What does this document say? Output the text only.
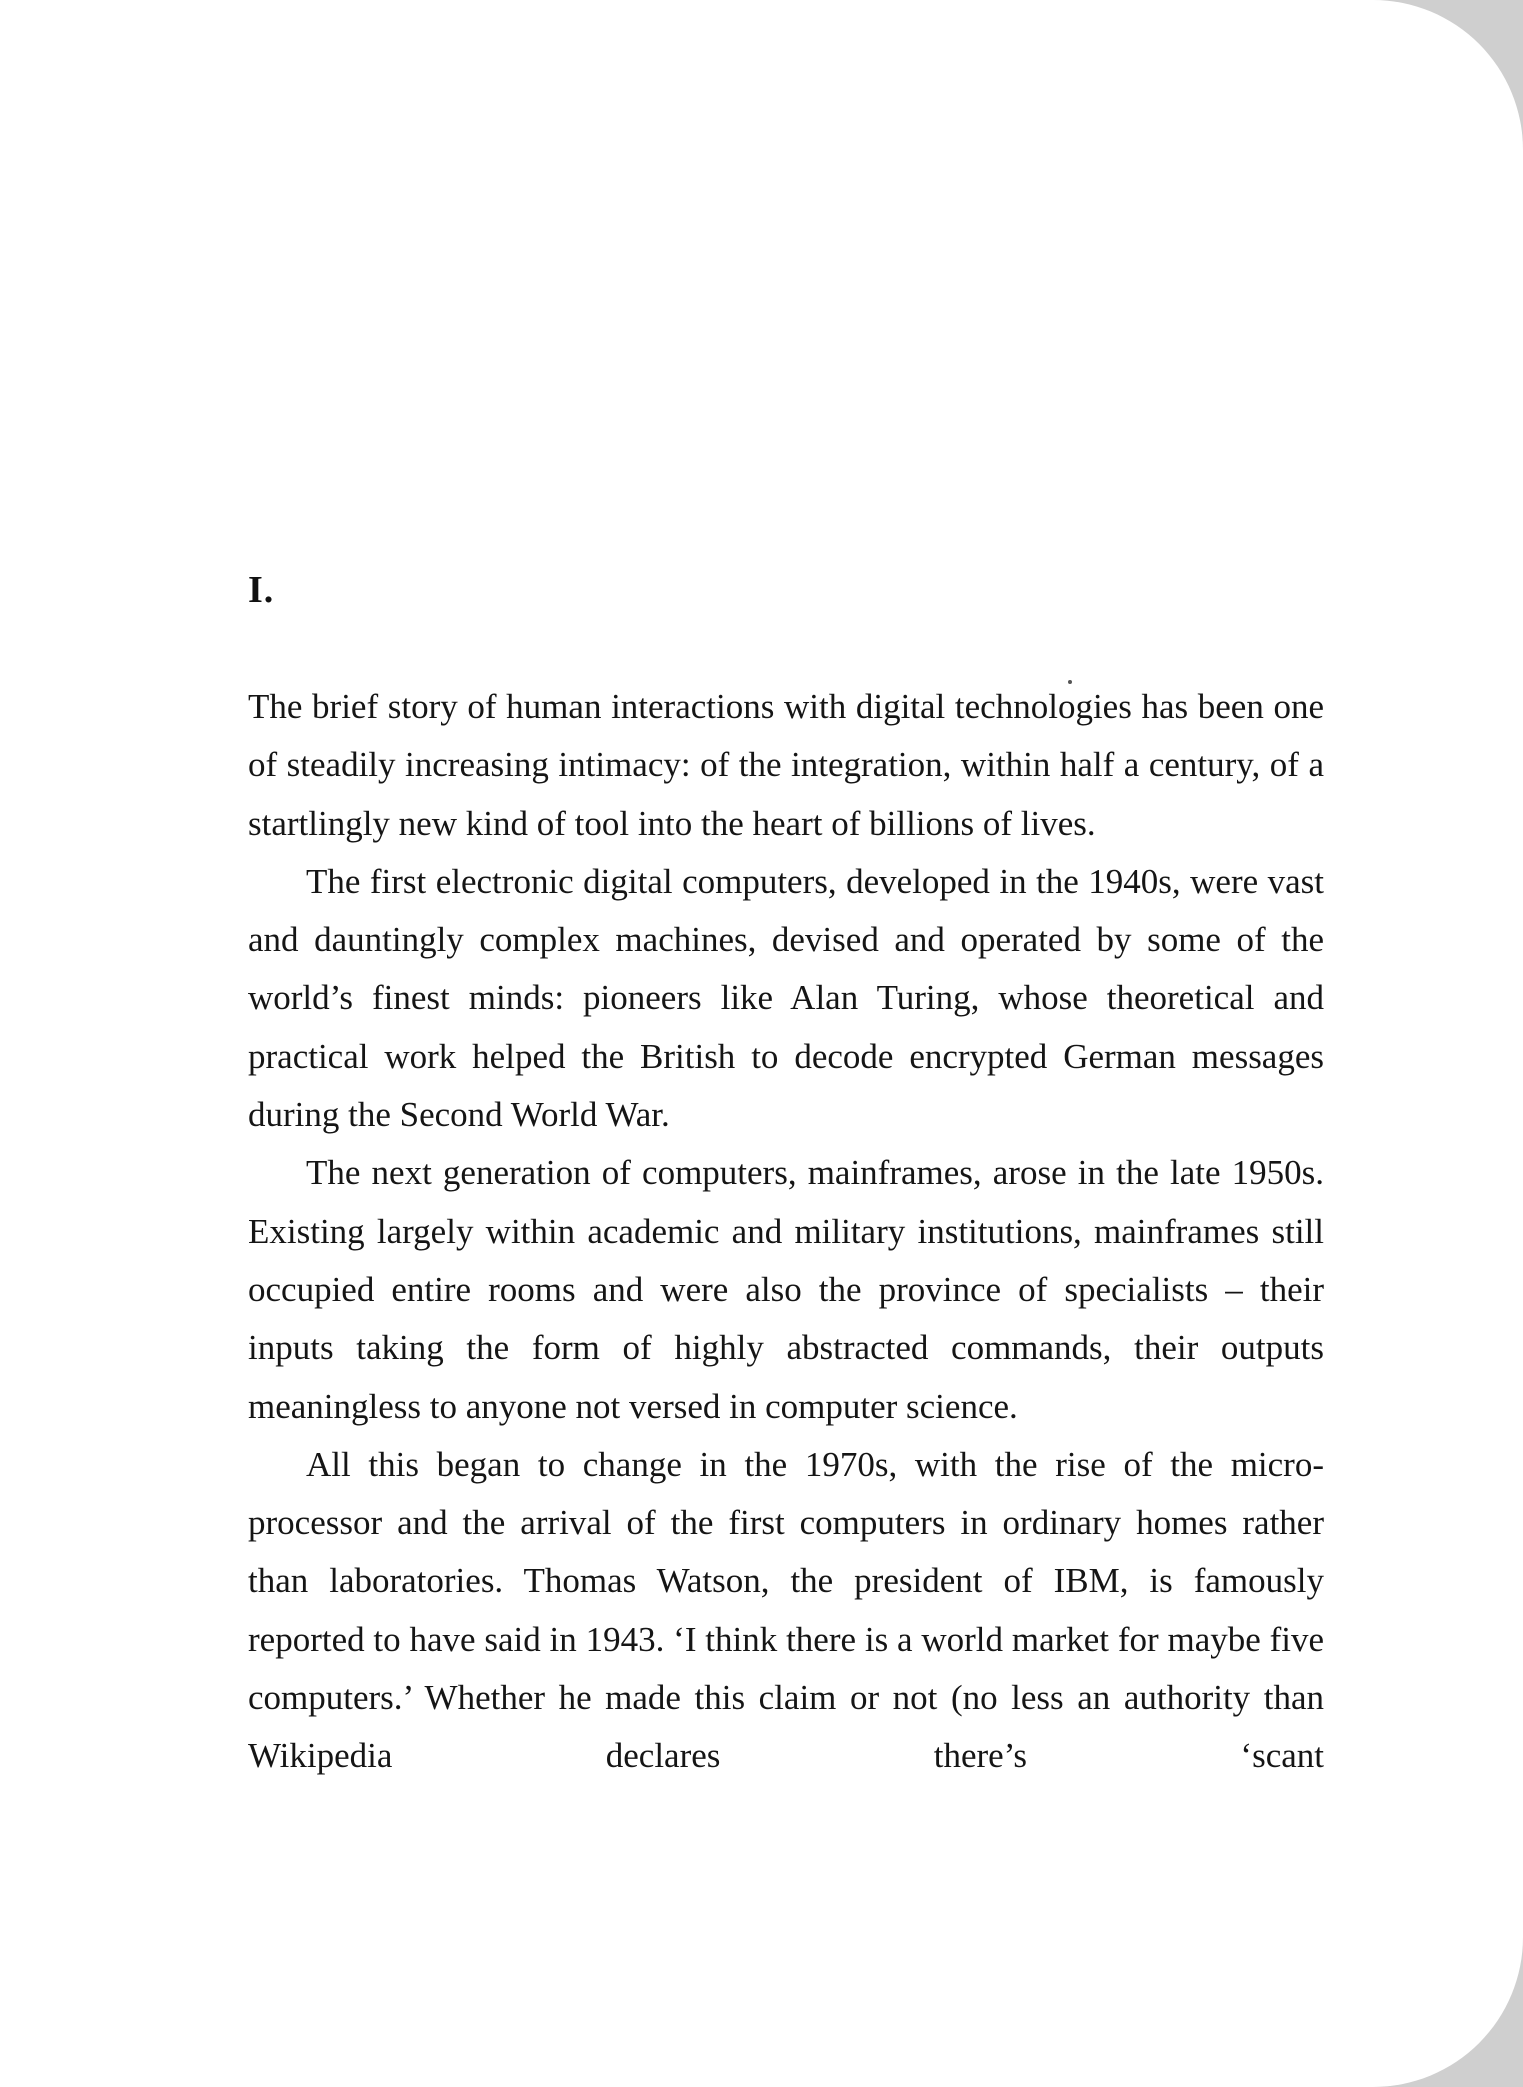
I.

The brief story of human interactions with digital technologies has been one of steadily increasing intimacy: of the integration, within half a century, of a startlingly new kind of tool into the heart of billions of lives.

The first electronic digital computers, developed in the 1940s, were vast and dauntingly complex machines, devised and operated by some of the world’s finest minds: pioneers like Alan Turing, whose theoretical and practical work helped the British to decode encrypted German messages during the Second World War.

The next generation of computers, mainframes, arose in the late 1950s. Existing largely within academic and military institutions, mainframes still occupied entire rooms and were also the province of specialists – their inputs taking the form of highly abstracted commands, their outputs meaningless to anyone not versed in computer science.

All this began to change in the 1970s, with the rise of the microprocessor and the arrival of the first computers in ordinary homes rather than laboratories. Thomas Watson, the president of IBM, is famously reported to have said in 1943. ‘I think there is a world market for maybe five computers.’ Whether he made this claim or not (no less an authority than Wikipedia declares there’s ‘scant
